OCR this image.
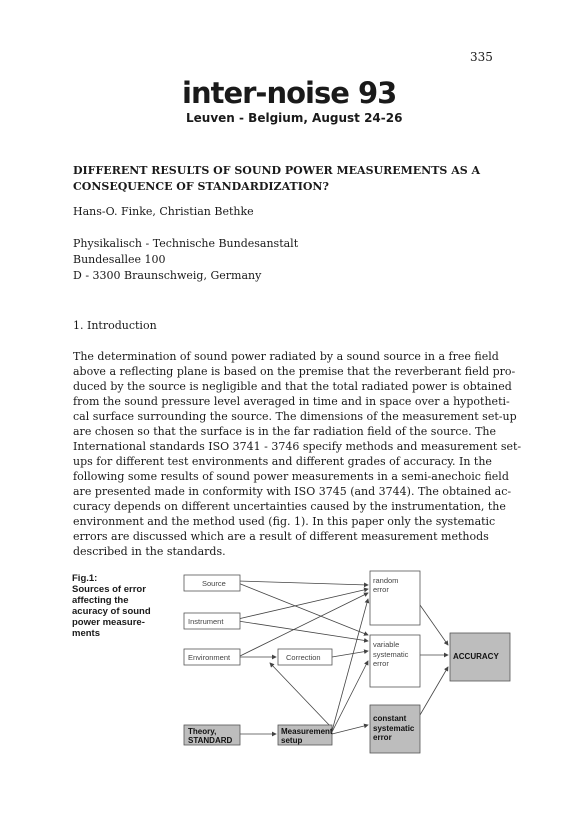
335
inter-noise 93
Leuven - Belgium, August 24-26
DIFFERENT RESULTS OF SOUND POWER MEASUREMENTS AS A CONSEQUENCE OF STANDARDIZATION?
Hans-O. Finke, Christian Bethke
Physikalisch - Technische Bundesanstalt
Bundesallee 100
D - 3300 Braunschweig, Germany
1. Introduction
The determination of sound power radiated by a sound source in a free field
above a reflecting plane is based on the premise that the reverberant field pro-
duced by the source is negligible and that the total radiated power is obtained
from the sound pressure level averaged in time and in space over a hypotheti-
cal surface surrounding the source. The dimensions of the measurement set-up
are chosen so that the surface is in the far radiation field of the source. The
International standards ISO 3741 - 3746 specify methods and measurement set-
ups for different test environments and different grades of accuracy. In the
following some results of sound power measurements in a semi-anechoic field
are presented made in conformity with ISO 3745 (and 3744). The obtained ac-
curacy depends on different uncertainties caused by the instrumentation, the
environment and the method used (fig. 1). In this paper only the systematic
errors are discussed which are a result of different measurement methods
described in the standards.
Fig.1:
Sources of error
affecting the
acuracy of sound
power measure-
ments
Source
Instrument
Environment	Correction
Theory,
STANDARD
Measurement
setup
random
error
variable
systematic
error
constant
systematic
error
ACCURACY
